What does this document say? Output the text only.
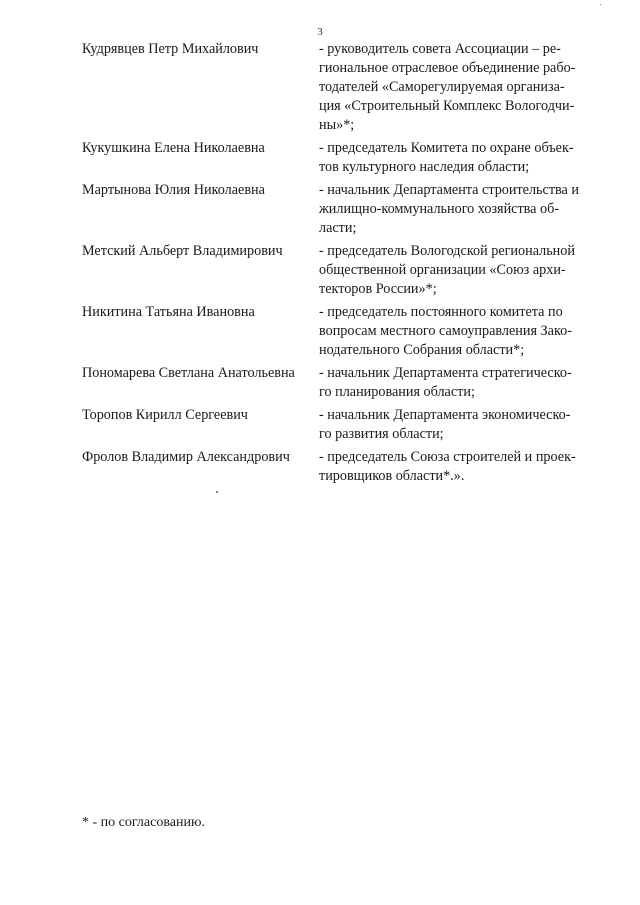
3
Кудрявцев Петр Михайлович	- руководитель совета Ассоциации – ре-
гиональное отраслевое объединение рабо-
тодателей «Саморегулируемая организа-
ция «Строительный Комплекс Вологодчи-
ны»*;
Кукушкина Елена Николаевна	- председатель Комитета по охране объек-
тов культурного наследия области;
Мартынова Юлия Николаевна	- начальник Департамента строительства и
жилищно-коммунального хозяйства об-
ласти;
Метский Альберт Владимирович	- председатель Вологодской региональной
общественной организации «Союз архи-
текторов России»*;
Никитина Татьяна Ивановна	- председатель постоянного комитета по
вопросам местного самоуправления Зако-
нодательного Собрания области*;
Пономарева Светлана Анатольевна	- начальник Департамента стратегическо-
го планирования области;
Торопов Кирилл Сергеевич	- начальник Департамента экономическо-
го развития области;
Фролов Владимир Александрович	- председатель Союза строителей и проек-
тировщиков области*.».
* - по согласованию.
